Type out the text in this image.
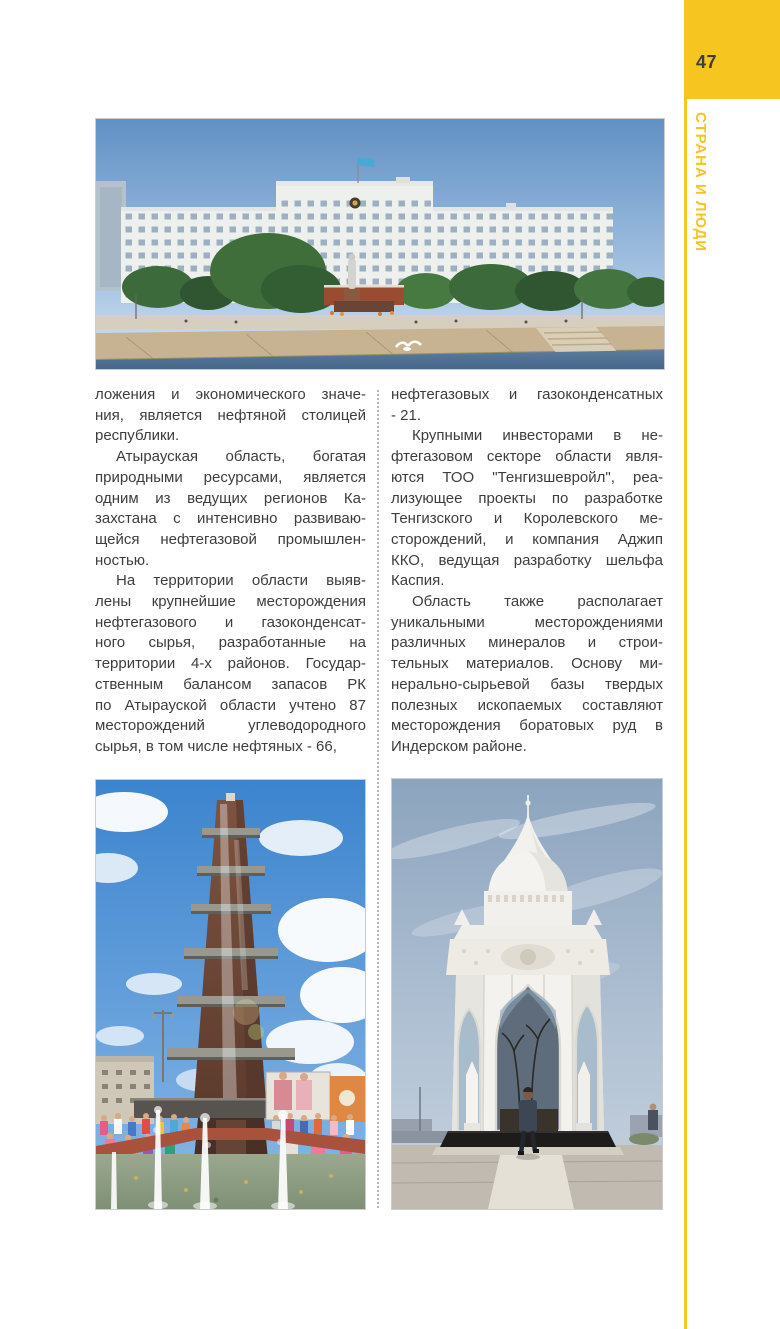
47
СТРАНА И ЛЮДИ
ложения и экономического значе-
ния, является нефтяной столицей
республики.
Атырауская область, богатая
природными ресурсами, является
одним из ведущих регионов Ка-
захстана с интенсивно развиваю-
щейся нефтегазовой промышлен-
ностью.
На территории области выяв-
лены крупнейшие месторождения
нефтегазового и газоконденсат-
ного сырья, разработанные на
территории 4-х районов. Государ-
ственным балансом запасов РК
по Атырауской области учтено 87
месторождений углеводородного
сырья, в том числе нефтяных - 66,
нефтегазовых и газоконденсатных
- 21.
Крупными инвесторами в не-
фтегазовом секторе области явля-
ются ТОО "Тенгизшевройл", реа-
лизующее проекты по разработке
Тенгизского и Королевского ме-
сторождений, и компания Аджип
ККО, ведущая разработку шельфа
Каспия.
Область также располагает
уникальными месторождениями
различных минералов и строи-
тельных материалов. Основу ми-
нерально-сырьевой базы твердых
полезных ископаемых составляют
месторождения боратовых руд в
Индерском районе.
